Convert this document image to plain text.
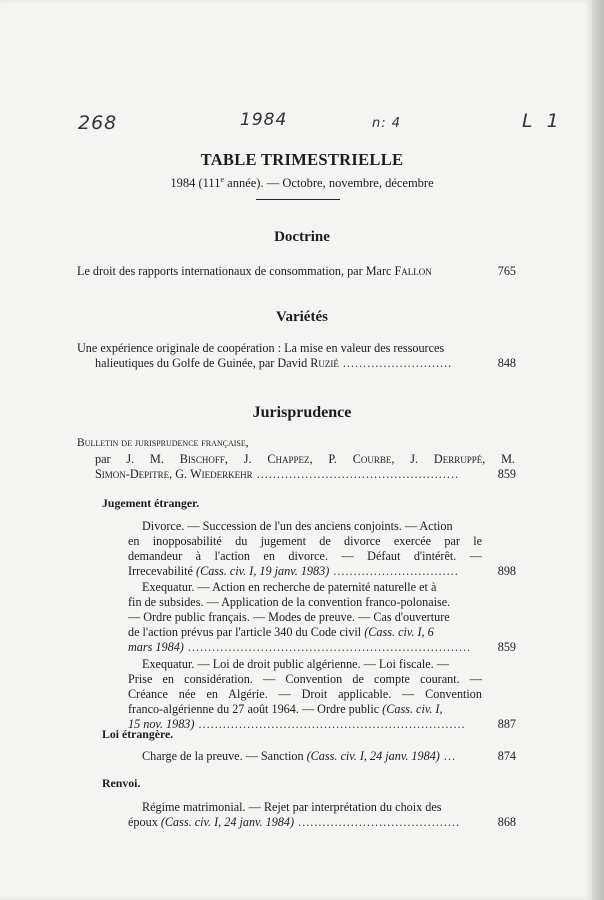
268	1984	n: 4	L 1
TABLE TRIMESTRIELLE
1984 (111e année). — Octobre, novembre, décembre
Doctrine
Le droit des rapports internationaux de consommation, par Marc Fallon	765
Variétés
Une expérience originale de coopération : La mise en valeur des ressources
halieutiques du Golfe de Guinée, par David Ruzié ...........................	848
Jurisprudence
Bulletin de jurisprudence française,
par J. M. Bischoff, J. Chappez, P. Courbe, J. Derruppé, M.
Simon-Depitre, G. Wiederkehr ..................................................	859
Jugement étranger.
Divorce. — Succession de l'un des anciens conjoints. — Action
en inopposabilité du jugement de divorce exercée par le
demandeur à l'action en divorce. — Défaut d'intérêt. —
Irrecevabilité (Cass. civ. I, 19 janv. 1983) ...............................	898
Exequatur. — Action en recherche de paternité naturelle et à
fin de subsides. — Application de la convention franco-polonaise.
— Ordre public français. — Modes de preuve. — Cas d'ouverture
de l'action prévus par l'article 340 du Code civil (Cass. civ. I, 6
mars 1984) ......................................................................	859
Exequatur. — Loi de droit public algérienne. — Loi fiscale. —
Prise en considération. — Convention de compte courant. —
Créance née en Algérie. — Droit applicable. — Convention
franco-algérienne du 27 août 1964. — Ordre public (Cass. civ. I,
15 nov. 1983) ..................................................................	887
Loi étrangère.
Charge de la preuve. — Sanction (Cass. civ. I, 24 janv. 1984) ...	874
Renvoi.
Régime matrimonial. — Rejet par interprétation du choix des
époux (Cass. civ. I, 24 janv. 1984) ........................................	868
